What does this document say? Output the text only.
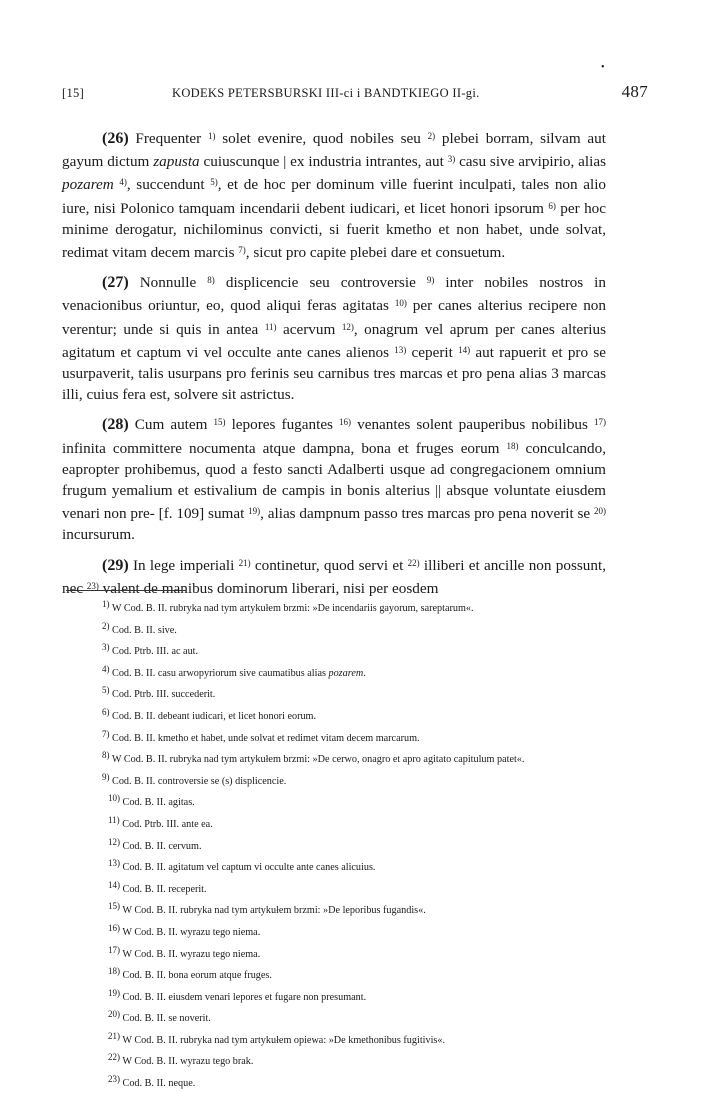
•
[15]	KODEKS PETERSBURSKI III-ci i BANDTKIEGO II-gi.	487

(26) Frequenter $^{1)}$ solet evenire, quod nobiles seu $^{2)}$ plebei borram, silvam aut gayum dictum zapusta cuiuscunque | ex industria intrantes, aut $^{3)}$ casu sive arvipirio, alias pozarem $^{4)}$, succendunt $^{5)}$, et de hoc per dominum ville fuerint inculpati, tales non alio iure, nisi Polonico tamquam incendarii debent iudicari, et licet honori ipsorum $^{6)}$ per hoc minime derogatur, nichilominus convicti, si fuerit kmetho et non habet, unde solvat, redimat vitam decem marcis $^{7)}$, sicut pro capite plebei dare et consuetum.

(27) Nonnulle $^{8)}$ displicencie seu controversie $^{9)}$ inter nobiles nostros in venacionibus oriuntur, eo, quod aliqui feras agitatas $^{10)}$ per canes alterius recipere non verentur; unde si quis in antea $^{11)}$ acervum $^{12)}$, onagrum vel aprum per canes alterius agitatum et captum vi vel occulte ante canes alienos $^{13)}$ ceperit $^{14)}$ aut rapuerit et pro se usurpaverit, talis usurpans pro ferinis seu carnibus tres marcas et pro pena alias 3 marcas illi, cuius fera est, solvere sit astrictus.

(28) Cum autem $^{15)}$ lepores fugantes $^{16)}$ venantes solent pauperibus nobilibus $^{17)}$ infinita committere nocumenta atque dampna, bona et fruges eorum $^{18)}$ conculcando, eapropter prohibemus, quod a festo sancti Adalberti usque ad congregacionem omnium frugum yemalium et estivalium de campis in bonis alterius || absque voluntate eiusdem venari non pre- [f. 109] sumat $^{19)}$, alias dampnum passo tres marcas pro pena noverit se $^{20)}$ incursurum.

(29) In lege imperiali $^{21)}$ continetur, quod servi et $^{22)}$ illiberi et ancille non possunt, nec $^{23)}$ valent de manibus dominorum liberari, nisi per eosdem

1) W Cod. B. II. rubryka nad tym artykułem brzmi: »De incendariis gayorum, sareptarum«.
2) Cod. B. II. sive.
3) Cod. Ptrb. III. ac aut.
4) Cod. B. II. casu arwopyriorum sive caumatibus alias pozarem.
5) Cod. Ptrb. III. succederit.
6) Cod. B. II. debeant iudicari, et licet honori eorum.
7) Cod. B. II. kmetho et habet, unde solvat et redimet vitam decem marcarum.
8) W Cod. B. II. rubryka nad tym artykułem brzmi: »De cerwo, onagro et apro agitato capitulum patet«.
9) Cod. B. II. controversie se (s) displicencie.
10) Cod. B. II. agitas.
11) Cod. Ptrb. III. ante ea.
12) Cod. B. II. cervum.
13) Cod. B. II. agitatum vel captum vi occulte ante canes alicuius.
14) Cod. B. II. receperit.
15) W Cod. B. II. rubryka nad tym artykułem brzmi: »De leporibus fugandis«.
16) W Cod. B. II. wyrazu tego niema.
17) W Cod. B. II. wyrazu tego niema.
18) Cod. B. II. bona eorum atque fruges.
19) Cod. B. II. eiusdem venari lepores et fugare non presumant.
20) Cod. B. II. se noverit.
21) W Cod. B. II. rubryka nad tym artykułem opiewa: »De kmethonibus fugitivis«.
22) W Cod. B. II. wyrazu tego brak.
23) Cod. B. II. neque.
